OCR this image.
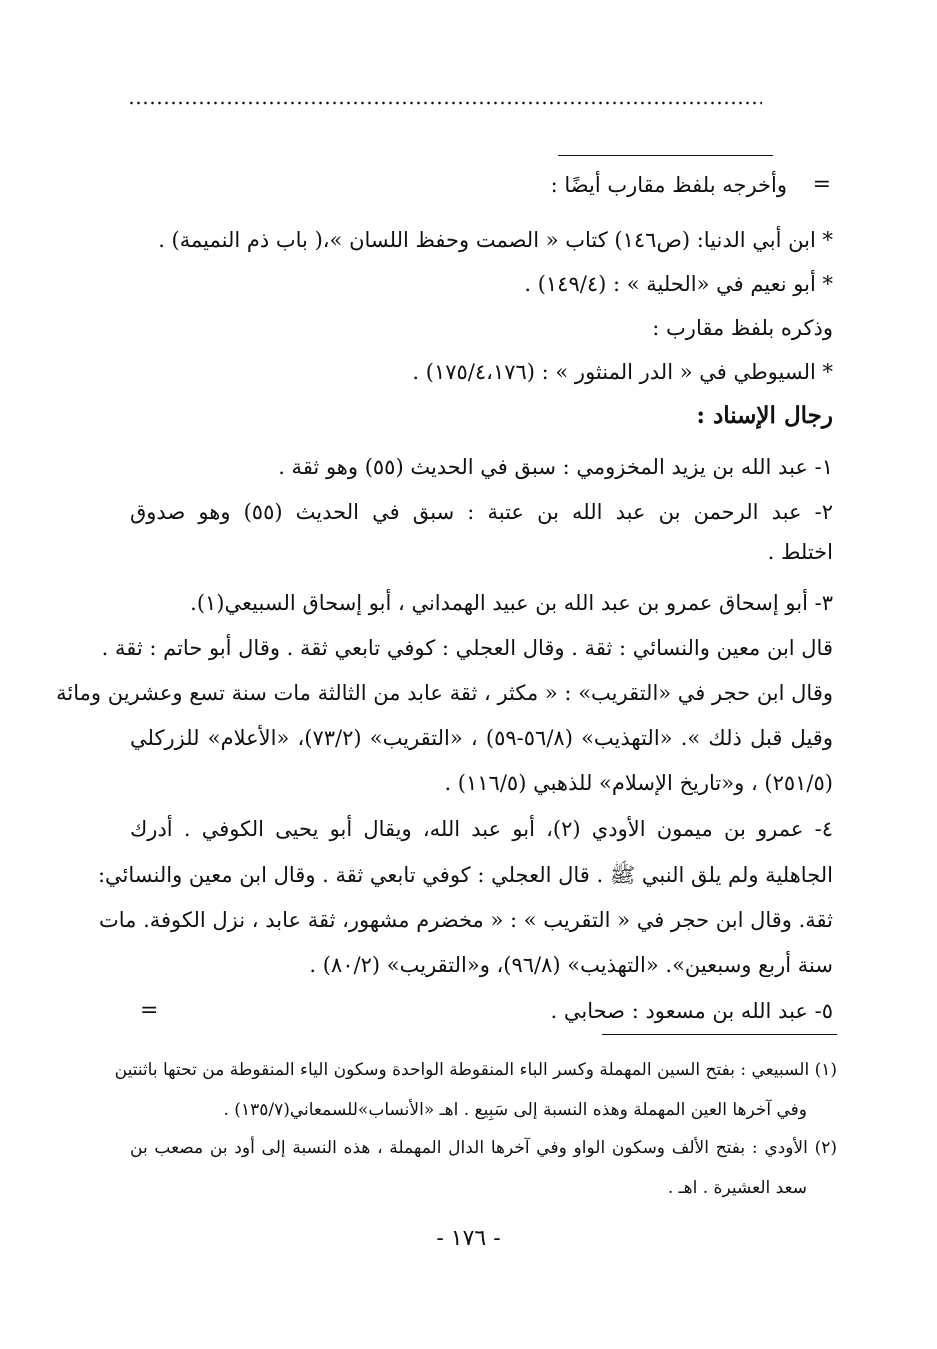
=
وأخرجه بلفظ مقارب أيضًا :
* ابن أبي الدنيا: (ص١٤٦) كتاب « الصمت وحفظ اللسان »،( باب ذم النميمة) .
* أبو نعيم في «الحلية » : (١٤٩/٤) .
وذكره بلفظ مقارب :
* السيوطي في « الدر المنثور » : (١٧٥/٤،١٧٦) .
رجال الإسناد :
١- عبد الله بن يزيد المخزومي : سبق في الحديث (٥٥) وهو ثقة .
٢- عبد الرحمن بن عبد الله بن عتبة : سبق في الحديث (٥٥) وهو صدوق
اختلط .
٣- أبو إسحاق عمرو بن عبد الله بن عبيد الهمداني ، أبو إسحاق السبيعي(١).
قال ابن معين والنسائي : ثقة . وقال العجلي : كوفي تابعي ثقة . وقال أبو حاتم : ثقة .
وقال ابن حجر في «التقريب» : « مكثر ، ثقة عابد من الثالثة مات سنة تسع وعشرين ومائة
وقيل قبل ذلك ». «التهذيب» (٥٦/٨-٥٩) ، «التقريب» (٧٣/٢)، «الأعلام» للزركلي
(٢٥١/٥) ، و«تاريخ الإسلام» للذهبي (١١٦/٥) .
٤- عمرو بن ميمون الأودي (٢)، أبو عبد الله، ويقال أبو يحيى الكوفي . أدرك
الجاهلية ولم يلق النبي ﷺ . قال العجلي : كوفي تابعي ثقة . وقال ابن معين والنسائي:
ثقة. وقال ابن حجر في « التقريب » : « مخضرم مشهور، ثقة عابد ، نزل الكوفة. مات
سنة أربع وسبعين». «التهذيب» (٩٦/٨)، و«التقريب» (٨٠/٢) .
٥- عبد الله بن مسعود : صحابي .
=
(١) السبيعي : بفتح السين المهملة وكسر الباء المنقوطة الواحدة وسكون الياء المنقوطة من تحتها باثنتين
وفي آخرها العين المهملة وهذه النسبة إلى سَبِيع . اهـ «الأنساب»للسمعاني(١٣٥/٧) .
(٢) الأودي : بفتح الألف وسكون الواو وفي آخرها الدال المهملة ، هذه النسبة إلى أود بن مصعب بن
سعد العشيرة . اهـ .
- ١٧٦ -
